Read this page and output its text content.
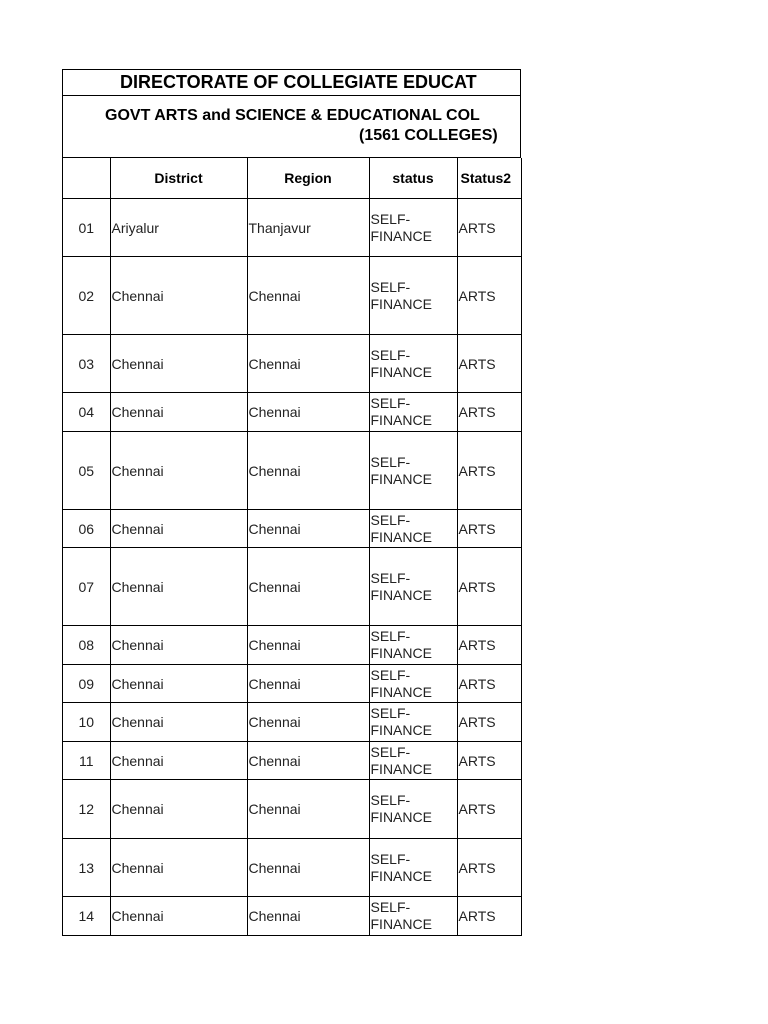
DIRECTORATE OF COLLEGIATE EDUCAT
GOVT ARTS and SCIENCE & EDUCATIONAL COL
(1561 COLLEGES)
	District	Region	status	Status2
01	Ariyalur	Thanjavur	SELF-FINANCE	ARTS
02	Chennai	Chennai	SELF-FINANCE	ARTS
03	Chennai	Chennai	SELF-FINANCE	ARTS
04	Chennai	Chennai	SELF-FINANCE	ARTS
05	Chennai	Chennai	SELF-FINANCE	ARTS
06	Chennai	Chennai	SELF-FINANCE	ARTS
07	Chennai	Chennai	SELF-FINANCE	ARTS
08	Chennai	Chennai	SELF-FINANCE	ARTS
09	Chennai	Chennai	SELF-FINANCE	ARTS
10	Chennai	Chennai	SELF-FINANCE	ARTS
11	Chennai	Chennai	SELF-FINANCE	ARTS
12	Chennai	Chennai	SELF-FINANCE	ARTS
13	Chennai	Chennai	SELF-FINANCE	ARTS
14	Chennai	Chennai	SELF-FINANCE	ARTS
